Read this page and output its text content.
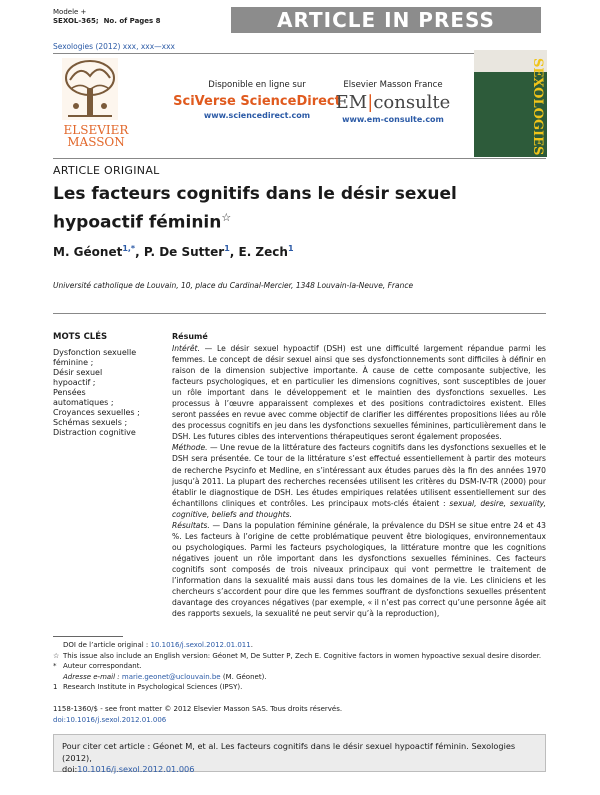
Modele +
SEXOL-365; No. of Pages 8	ARTICLE IN PRESS
Sexologies (2012) xxx, xxx—xxx
ELSEVIER
MASSON
Disponible en ligne sur
SciVerse ScienceDirect
www.sciencedirect.com
Elsevier Masson France
EM|consulte
www.em-consulte.com	SEXOLOGIES
ARTICLE ORIGINAL
Les facteurs cognitifs dans le désir sexuel
hypoactif féminin☆
M. Géonet$^{1,*}$, P. De Sutter$^1$, E. Zech$^1$
Université catholique de Louvain, 10, place du Cardinal-Mercier, 1348 Louvain-la-Neuve, France
MOTS CLÉS
Dysfonction sexuelle
féminine ;
Désir sexuel
hypoactif ;
Pensées
automatiques ;
Croyances sexuelles ;
Schémas sexuels ;
Distraction cognitive
Résumé
Intérêt. — Le désir sexuel hypoactif (DSH) est une difficulté largement répandue parmi les femmes. Le concept de désir sexuel ainsi que ses dysfonctionnements sont difficiles à définir en raison de la dimension subjective importante. À cause de cette composante subjective, les facteurs psychologiques, et en particulier les dimensions cognitives, sont susceptibles de jouer un rôle important dans le développement et le maintien des dysfonctions sexuelles. Les processus à l’œuvre apparaissent complexes et des positions contradictoires existent. Elles seront passées en revue avec comme objectif de clarifier les différentes propositions liées au rôle des processus cognitifs en jeu dans les dysfonctions sexuelles féminines, particulièrement dans le DSH. Les futures cibles des interventions thérapeutiques seront également proposées.
Méthode. — Une revue de la littérature des facteurs cognitifs dans les dysfonctions sexuelles et le DSH sera présentée. Ce tour de la littérature s’est effectué essentiellement à partir des moteurs de recherche Psycinfo et Medline, en s’intéressant aux études parues dès la fin des années 1970 jusqu’à 2011. La plupart des recherches recensées utilisent les critères du DSM-IV-TR (2000) pour établir le diagnostique de DSH. Les études empiriques relatées utilisent essentiellement sur des échantillons cliniques et contrôles. Les principaux mots-clés étaient : sexual, desire, sexuality, cognitive, beliefs and thoughts.
Résultats. — Dans la population féminine générale, la prévalence du DSH se situe entre 24 et 43 %. Les facteurs à l’origine de cette problématique peuvent être biologiques, environnementaux ou psychologiques. Parmi les facteurs psychologiques, la littérature montre que les cognitions négatives jouent un rôle important dans les dysfonctions sexuelles féminines. Ces facteurs cognitifs sont composés de trois niveaux principaux qui vont permettre le traitement de l’information dans la sexualité mais aussi dans tous les domaines de la vie. Les cliniciens et les chercheurs s’accordent pour dire que les femmes souffrant de dysfonctions sexuelles présentent davantage des croyances négatives (par exemple, « il n’est pas correct qu’une personne âgée ait des rapports sexuels, la sexualité ne peut servir qu’à la reproduction),
DOI de l’article original : 10.1016/j.sexol.2012.01.011.
☆ This issue also include an English version: Géonet M, De Sutter P, Zech E. Cognitive factors in women hypoactive sexual desire disorder.
* Auteur correspondant.
Adresse e-mail : marie.geonet@uclouvain.be (M. Géonet).
1 Research Institute in Psychological Sciences (IPSY).
1158-1360/$ - see front matter © 2012 Elsevier Masson SAS. Tous droits réservés.
doi:10.1016/j.sexol.2012.01.006
Pour citer cet article : Géonet M, et al. Les facteurs cognitifs dans le désir sexuel hypoactif féminin. Sexologies (2012),
doi:10.1016/j.sexol.2012.01.006
